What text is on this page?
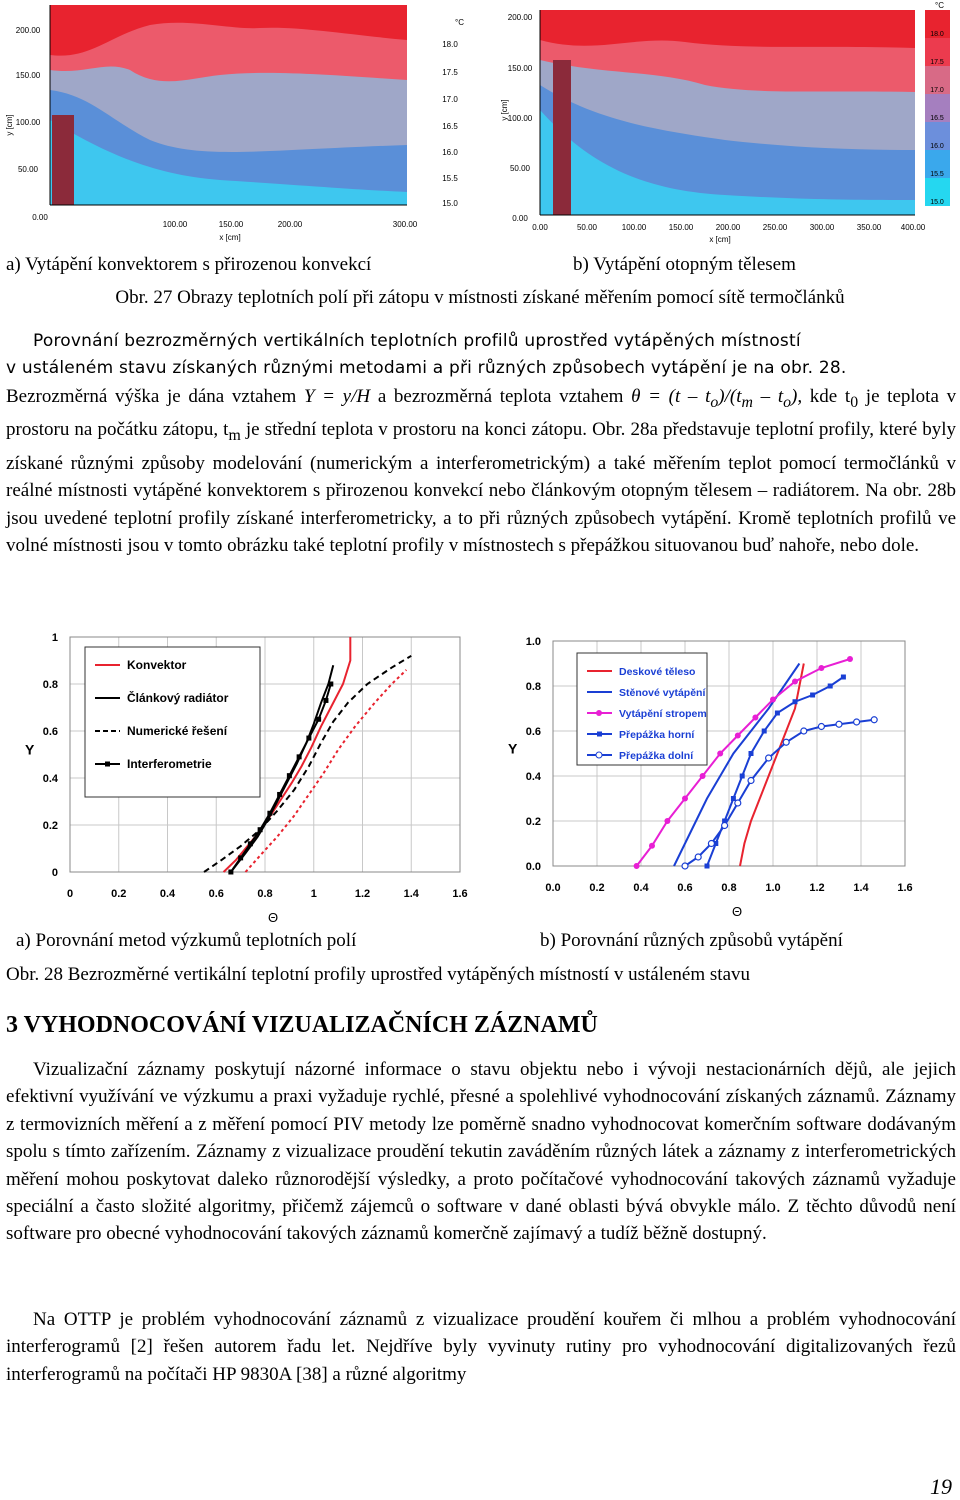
200.00
150.00
100.00
50.00
0.00
y [cm]
100.00	150.00	200.00	300.00
x [cm]
°C
18.0
17.5
17.0
16.5
16.0
15.5
15.0
200.00
150.00
100.00
50.00
0.00
y [cm]
0.00	50.00	100.00	150.00	200.00	250.00	300.00	350.00 400.00
x [cm]
°C
18.0
17.5
17.0
16.5
16.0
15.5
15.0
a) Vytápění konvektorem s přirozenou konvekcí	b) Vytápění otopným tělesem
Obr. 27 Obrazy teplotních polí při zátopu v místnosti získané měřením pomocí sítě termočlánků
Porovnání bezrozměrných vertikálních teplotních profilů uprostřed vytápěných místností
v ustáleném stavu získaných různými metodami a při různých způsobech vytápění je na obr. 28.
Bezrozměrná výška je dána vztahem Y = y/H a bezrozměrná teplota vztahem $\theta = (t - t_o)/(t_m - t_o)$, kde $t_0$ je teplota v prostoru na počátku zátopu, $t_m$ je střední teplota v prostoru na konci zátopu. Obr. 28a představuje teplotní profily, které byly získané různými způsoby modelování (numerickým a interferometrickým) a také měřením teplot pomocí termočlánků v reálné místnosti vytápěné konvektorem s přirozenou konvekcí nebo článkovým otopným tělesem – radiátorem. Na obr. 28b jsou uvedené teplotní profily získané interferometricky, a to při různých způsobech vytápění. Kromě teplotních profilů ve volné místnosti jsou v tomto obrázku také teplotní profily v místnostech s přepážkou situovanou buď nahoře, nebo dole.
0	0.2	0.4	0.6	0.8	1	1.2	1.4	1.6
0
0.2
0.4
0.6
0.8
1
Y
Θ
Konvektor
Článkový radiátor
Numerické řešení
Interferometrie
0.0	0.2	0.4	0.6	0.8	1.0	1.2	1.4	1.6
0.0
0.2
0.4
0.6
0.8
1.0
Y
Θ
Deskové těleso
Stěnové vytápění
Vytápění stropem
Přepážka horní
Přepážka dolní
a) Porovnání metod výzkumů teplotních polí	b) Porovnání různých způsobů vytápění
Obr. 28 Bezrozměrné vertikální teplotní profily uprostřed vytápěných místností v ustáleném stavu
3 VYHODNOCOVÁNÍ VIZUALIZAČNÍCH ZÁZNAMŮ
Vizualizační záznamy poskytují názorné informace o stavu objektu nebo i vývoji nestacionárních dějů, ale jejich efektivní využívání ve výzkumu a praxi vyžaduje rychlé, přesné a spolehlivé vyhodnocování získaných záznamů. Záznamy z termovizních měření a z měření pomocí PIV metody lze poměrně snadno vyhodnocovat komerčním software dodávaným spolu s tímto zařízením. Záznamy z vizualizace proudění tekutin zaváděním různých látek a záznamy z interferometrických měření mohou poskytovat daleko různorodější výsledky, a proto počítačové vyhodnocování takových záznamů vyžaduje speciální a často složité algoritmy, přičemž zájemců o software v dané oblasti bývá obvykle málo. Z těchto důvodů není software pro obecné vyhodnocování takových záznamů komerčně zajímavý a tudíž běžně dostupný.
Na OTTP je problém vyhodnocování záznamů z vizualizace proudění kouřem či mlhou a problém vyhodnocování interferogramů [2] řešen autorem řadu let. Nejdříve byly vyvinuty rutiny pro vyhodnocování digitalizovaných řezů interferogramů na počítači HP 9830A [38] a různé algoritmy
19
